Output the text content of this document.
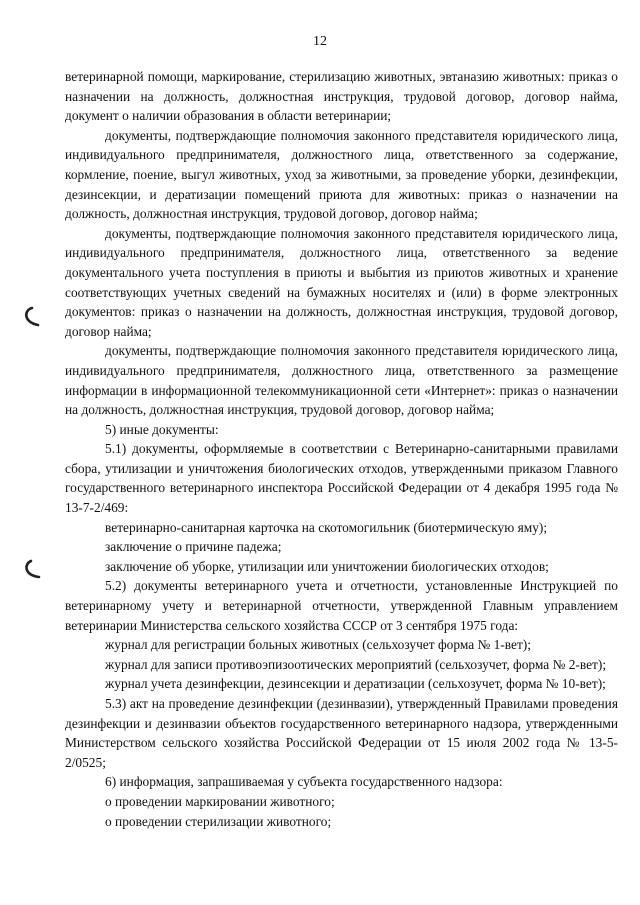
12

ветеринарной помощи, маркирование, стерилизацию животных, эвтаназию животных: приказ о назначении на должность, должностная инструкция, трудовой договор, договор найма, документ о наличии образования в области ветеринарии;

документы, подтверждающие полномочия законного представителя юридического лица, индивидуального предпринимателя, должностного лица, ответственного за содержание, кормление, поение, выгул животных, уход за животными, за проведение уборки, дезинфекции, дезинсекции, и дератизации помещений приюта для животных: приказ о назначении на должность, должностная инструкция, трудовой договор, договор найма;

документы, подтверждающие полномочия законного представителя юридического лица, индивидуального предпринимателя, должностного лица, ответственного за ведение документального учета поступления в приюты и выбытия из приютов животных и хранение соответствующих учетных сведений на бумажных носителях и (или) в форме электронных документов: приказ о назначении на должность, должностная инструкция, трудовой договор, договор найма;

документы, подтверждающие полномочия законного представителя юридического лица, индивидуального предпринимателя, должностного лица, ответственного за размещение информации в информационной телекоммуникационной сети «Интернет»: приказ о назначении на должность, должностная инструкция, трудовой договор, договор найма;

5) иные документы:

5.1) документы, оформляемые в соответствии с Ветеринарно-санитарными правилами сбора, утилизации и уничтожения биологических отходов, утвержденными приказом Главного государственного ветеринарного инспектора Российской Федерации от 4 декабря 1995 года № 13-7-2/469:

ветеринарно-санитарная карточка на скотомогильник (биотермическую яму);

заключение о причине падежа;

заключение об уборке, утилизации или уничтожении биологических отходов;

5.2) документы ветеринарного учета и отчетности, установленные Инструкцией по ветеринарному учету и ветеринарной отчетности, утвержденной Главным управлением ветеринарии Министерства сельского хозяйства СССР от 3 сентября 1975 года:

журнал для регистрации больных животных (сельхозучет форма № 1-вет);

журнал для записи противоэпизоотических мероприятий (сельхозучет, форма № 2-вет);

журнал учета дезинфекции, дезинсекции и дератизации (сельхозучет, форма № 10-вет);

5.3) акт на проведение дезинфекции (дезинвазии), утвержденный Правилами проведения дезинфекции и дезинвазии объектов государственного ветеринарного надзора, утвержденными Министерством сельского хозяйства Российской Федерации от 15 июля 2002 года № 13-5-2/0525;

6) информация, запрашиваемая у субъекта государственного надзора:

о проведении маркировании животного;

о проведении стерилизации животного;
